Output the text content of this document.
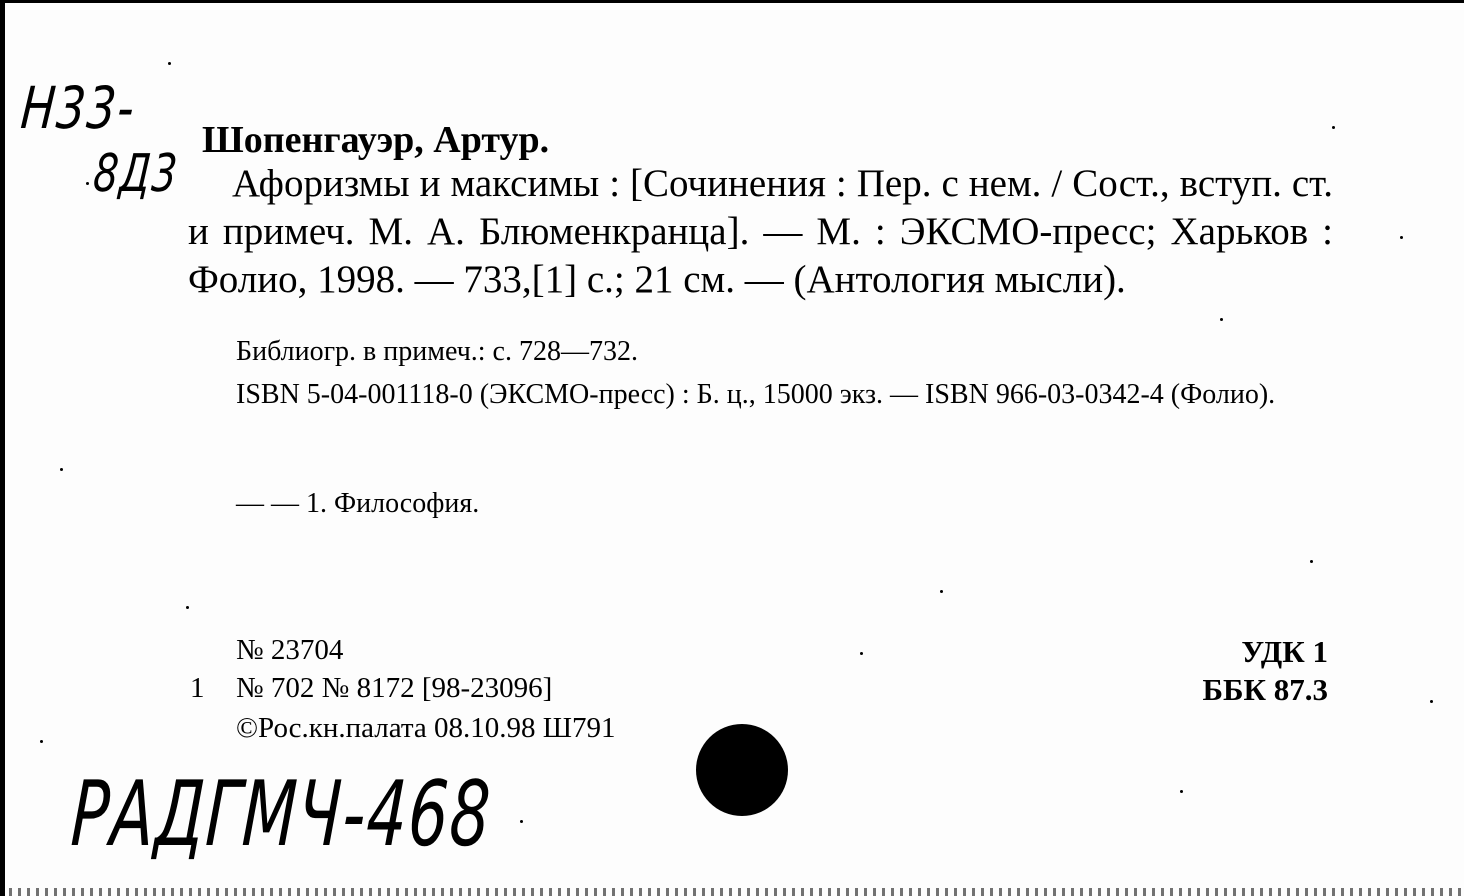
Н33-
8Д3
Шопенгауэр, Артур.

Афоризмы и максимы : [Сочинения : Пер. с нем. / Сост., вступ. ст. и примеч. М. А. Блюменкранца]. — М. : ЭКСМО-пресс; Харьков : Фолио, 1998. — 733,[1] с.; 21 см. — (Антология мысли).

Библиогр. в примеч.: с. 728—732.

ISBN 5-04-001118-0 (ЭКСМО-пресс) : Б. ц., 15000 экз. — ISBN 966-03-0342-4 (Фолио).

— — 1. Философия.
№ 23704
1 № 702 № 8172 [98-23096]
©Рос.кн.палата 08.10.98 Ш791
УДК 1
ББК 87.3
РАДГМЧ-468
